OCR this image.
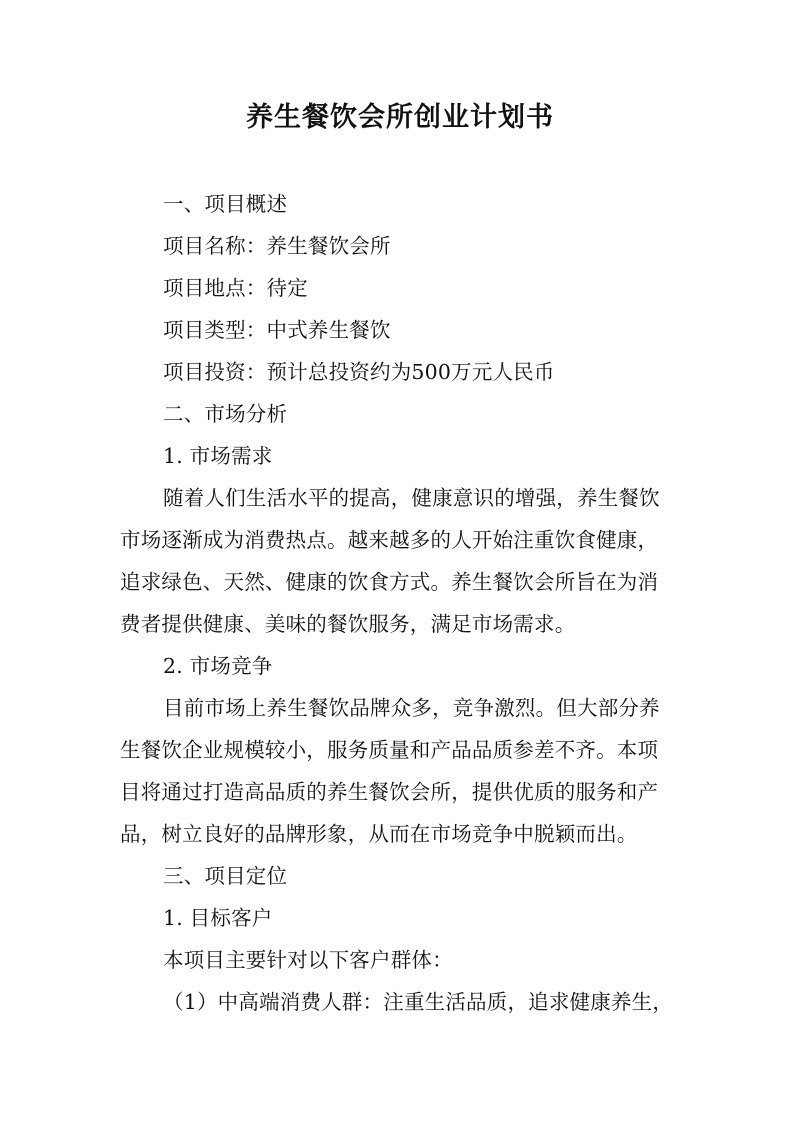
养生餐饮会所创业计划书
一、项目概述
项目名称：养生餐饮会所
项目地点：待定
项目类型：中式养生餐饮
项目投资：预计总投资约为500万元人民币
二、市场分析
1. 市场需求
随着人们生活水平的提高，健康意识的增强，养生餐饮
市场逐渐成为消费热点。越来越多的人开始注重饮食健康，
追求绿色、天然、健康的饮食方式。养生餐饮会所旨在为消
费者提供健康、美味的餐饮服务，满足市场需求。
2. 市场竞争
目前市场上养生餐饮品牌众多，竞争激烈。但大部分养
生餐饮企业规模较小，服务质量和产品品质参差不齐。本项
目将通过打造高品质的养生餐饮会所，提供优质的服务和产
品，树立良好的品牌形象，从而在市场竞争中脱颖而出。
三、项目定位
1. 目标客户
本项目主要针对以下客户群体：
（1）中高端消费人群：注重生活品质，追求健康养生，
